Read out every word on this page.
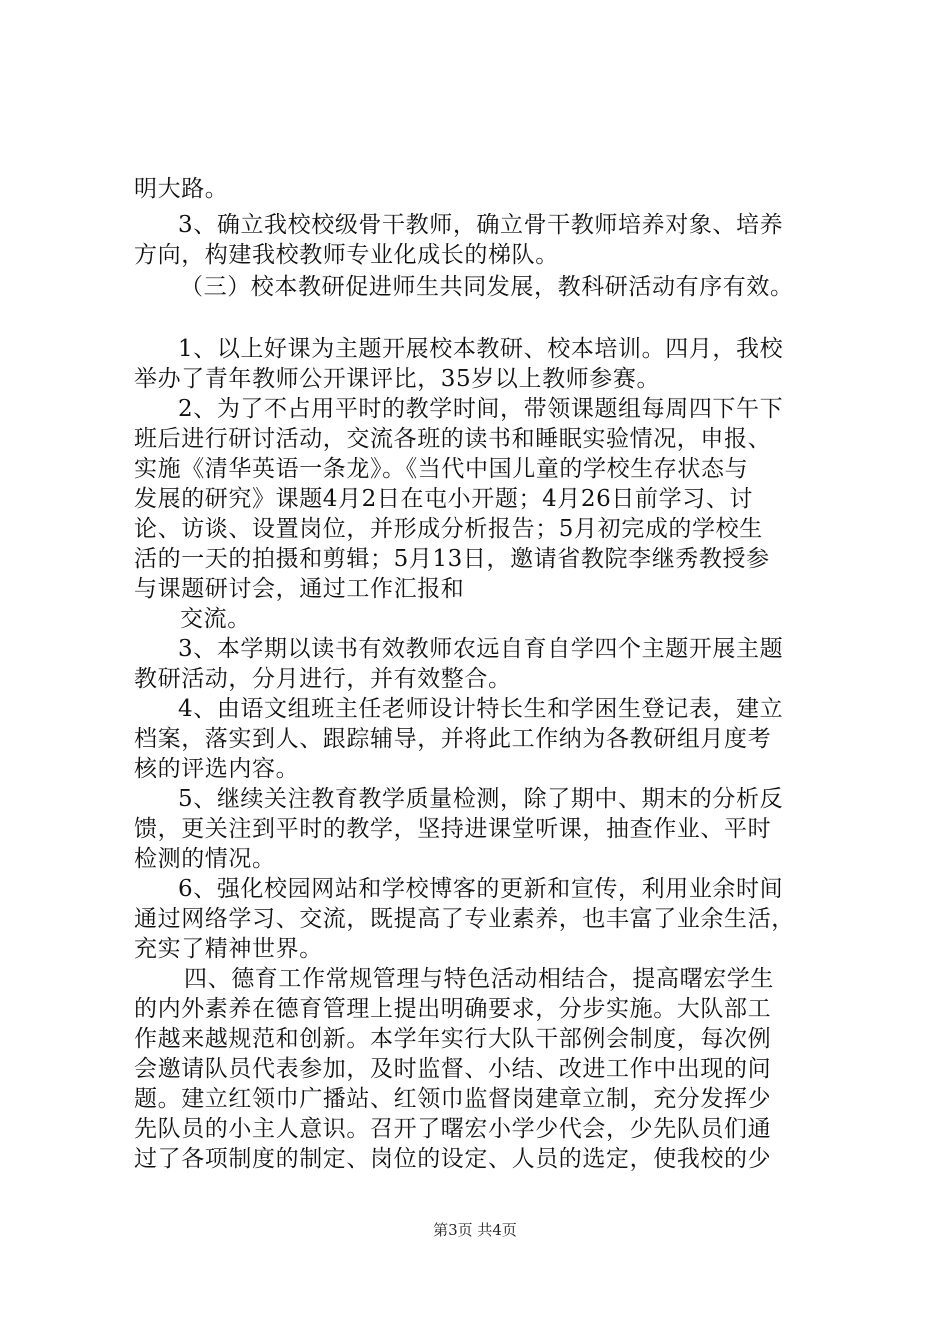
明大路。
3、确立我校校级骨干教师，确立骨干教师培养对象、培养
方向，构建我校教师专业化成长的梯队。
（三）校本教研促进师生共同发展，教科研活动有序有效。
1、以上好课为主题开展校本教研、校本培训。四月，我校
举办了青年教师公开课评比，35岁以上教师参赛。
2、为了不占用平时的教学时间，带领课题组每周四下午下
班后进行研讨活动，交流各班的读书和睡眠实验情况，申报、
实施《清华英语一条龙》。《当代中国儿童的学校生存状态与
发展的研究》课题4月2日在屯小开题；4月26日前学习、讨
论、访谈、设置岗位，并形成分析报告；5月初完成的学校生
活的一天的拍摄和剪辑；5月13日，邀请省教院李继秀教授参
与课题研讨会，通过工作汇报和
交流。
3、本学期以读书有效教师农远自育自学四个主题开展主题
教研活动，分月进行，并有效整合。
4、由语文组班主任老师设计特长生和学困生登记表，建立
档案，落实到人、跟踪辅导，并将此工作纳为各教研组月度考
核的评选内容。
5、继续关注教育教学质量检测，除了期中、期末的分析反
馈，更关注到平时的教学，坚持进课堂听课，抽查作业、平时
检测的情况。
6、强化校园网站和学校博客的更新和宣传，利用业余时间
通过网络学习、交流，既提高了专业素养，也丰富了业余生活，
充实了精神世界。
四、德育工作常规管理与特色活动相结合，提高曙宏学生
的内外素养在德育管理上提出明确要求，分步实施。大队部工
作越来越规范和创新。本学年实行大队干部例会制度，每次例
会邀请队员代表参加，及时监督、小结、改进工作中出现的问
题。建立红领巾广播站、红领巾监督岗建章立制，充分发挥少
先队员的小主人意识。召开了曙宏小学少代会，少先队员们通
过了各项制度的制定、岗位的设定、人员的选定，使我校的少
第3页 共4页
